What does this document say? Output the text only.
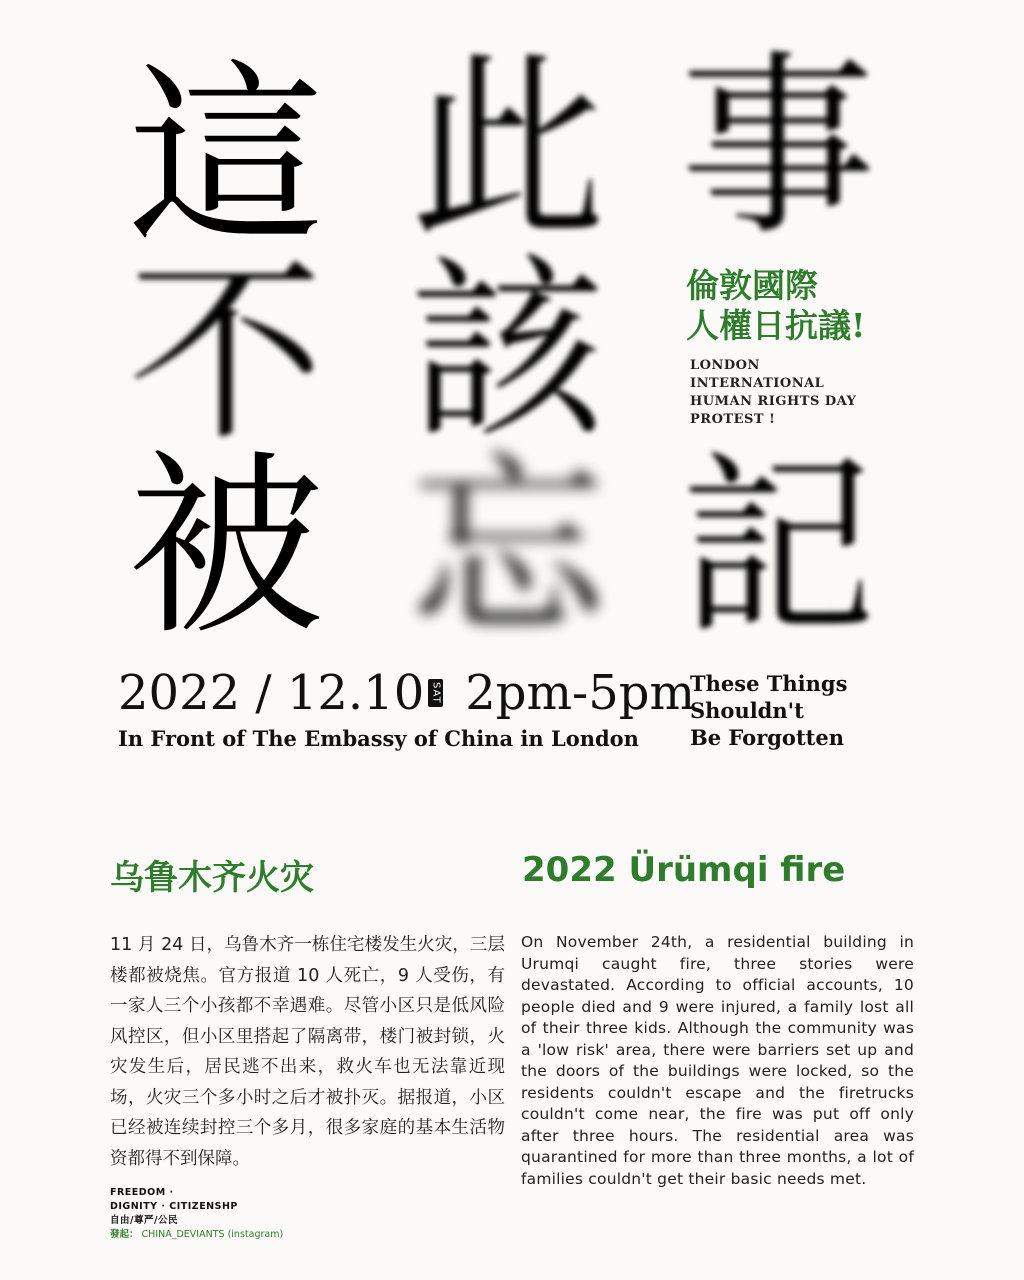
這 此 事
不 該
被 忘 記
倫敦國際
人權日抗議!
LONDON
INTERNATIONAL
HUMAN RIGHTS DAY
PROTEST !
2022 / 12.10 SAT 2pm-5pm
In Front of The Embassy of China in London
These Things
Shouldn't
Be Forgotten
乌鲁木齐火灾	2022 Ürümqi fire
11 月 24 日，乌鲁木齐一栋住宅楼发生火灾，三层楼都被烧焦。官方报道 10 人死亡，9 人受伤，有一家人三个小孩都不幸遇难。尽管小区只是低风险风控区，但小区里搭起了隔离带，楼门被封锁，火灾发生后，居民逃不出来，救火车也无法靠近现场，火灾三个多小时之后才被扑灭。据报道，小区已经被连续封控三个多月，很多家庭的基本生活物资都得不到保障。
On November 24th, a residential building in Urumqi caught fire, three stories were devastated. According to official accounts, 10 people died and 9 were injured, a family lost all of their three kids. Although the community was a 'low risk' area, there were barriers set up and the doors of the buildings were locked, so the residents couldn't escape and the firetrucks couldn't come near, the fire was put off only after three hours. The residential area was quarantined for more than three months, a lot of families couldn't get their basic needs met.
FREEDOM ·
DIGNITY · CITIZENSHP
自由/尊严/公民
發起： CHINA_DEVIANTS (instagram)
